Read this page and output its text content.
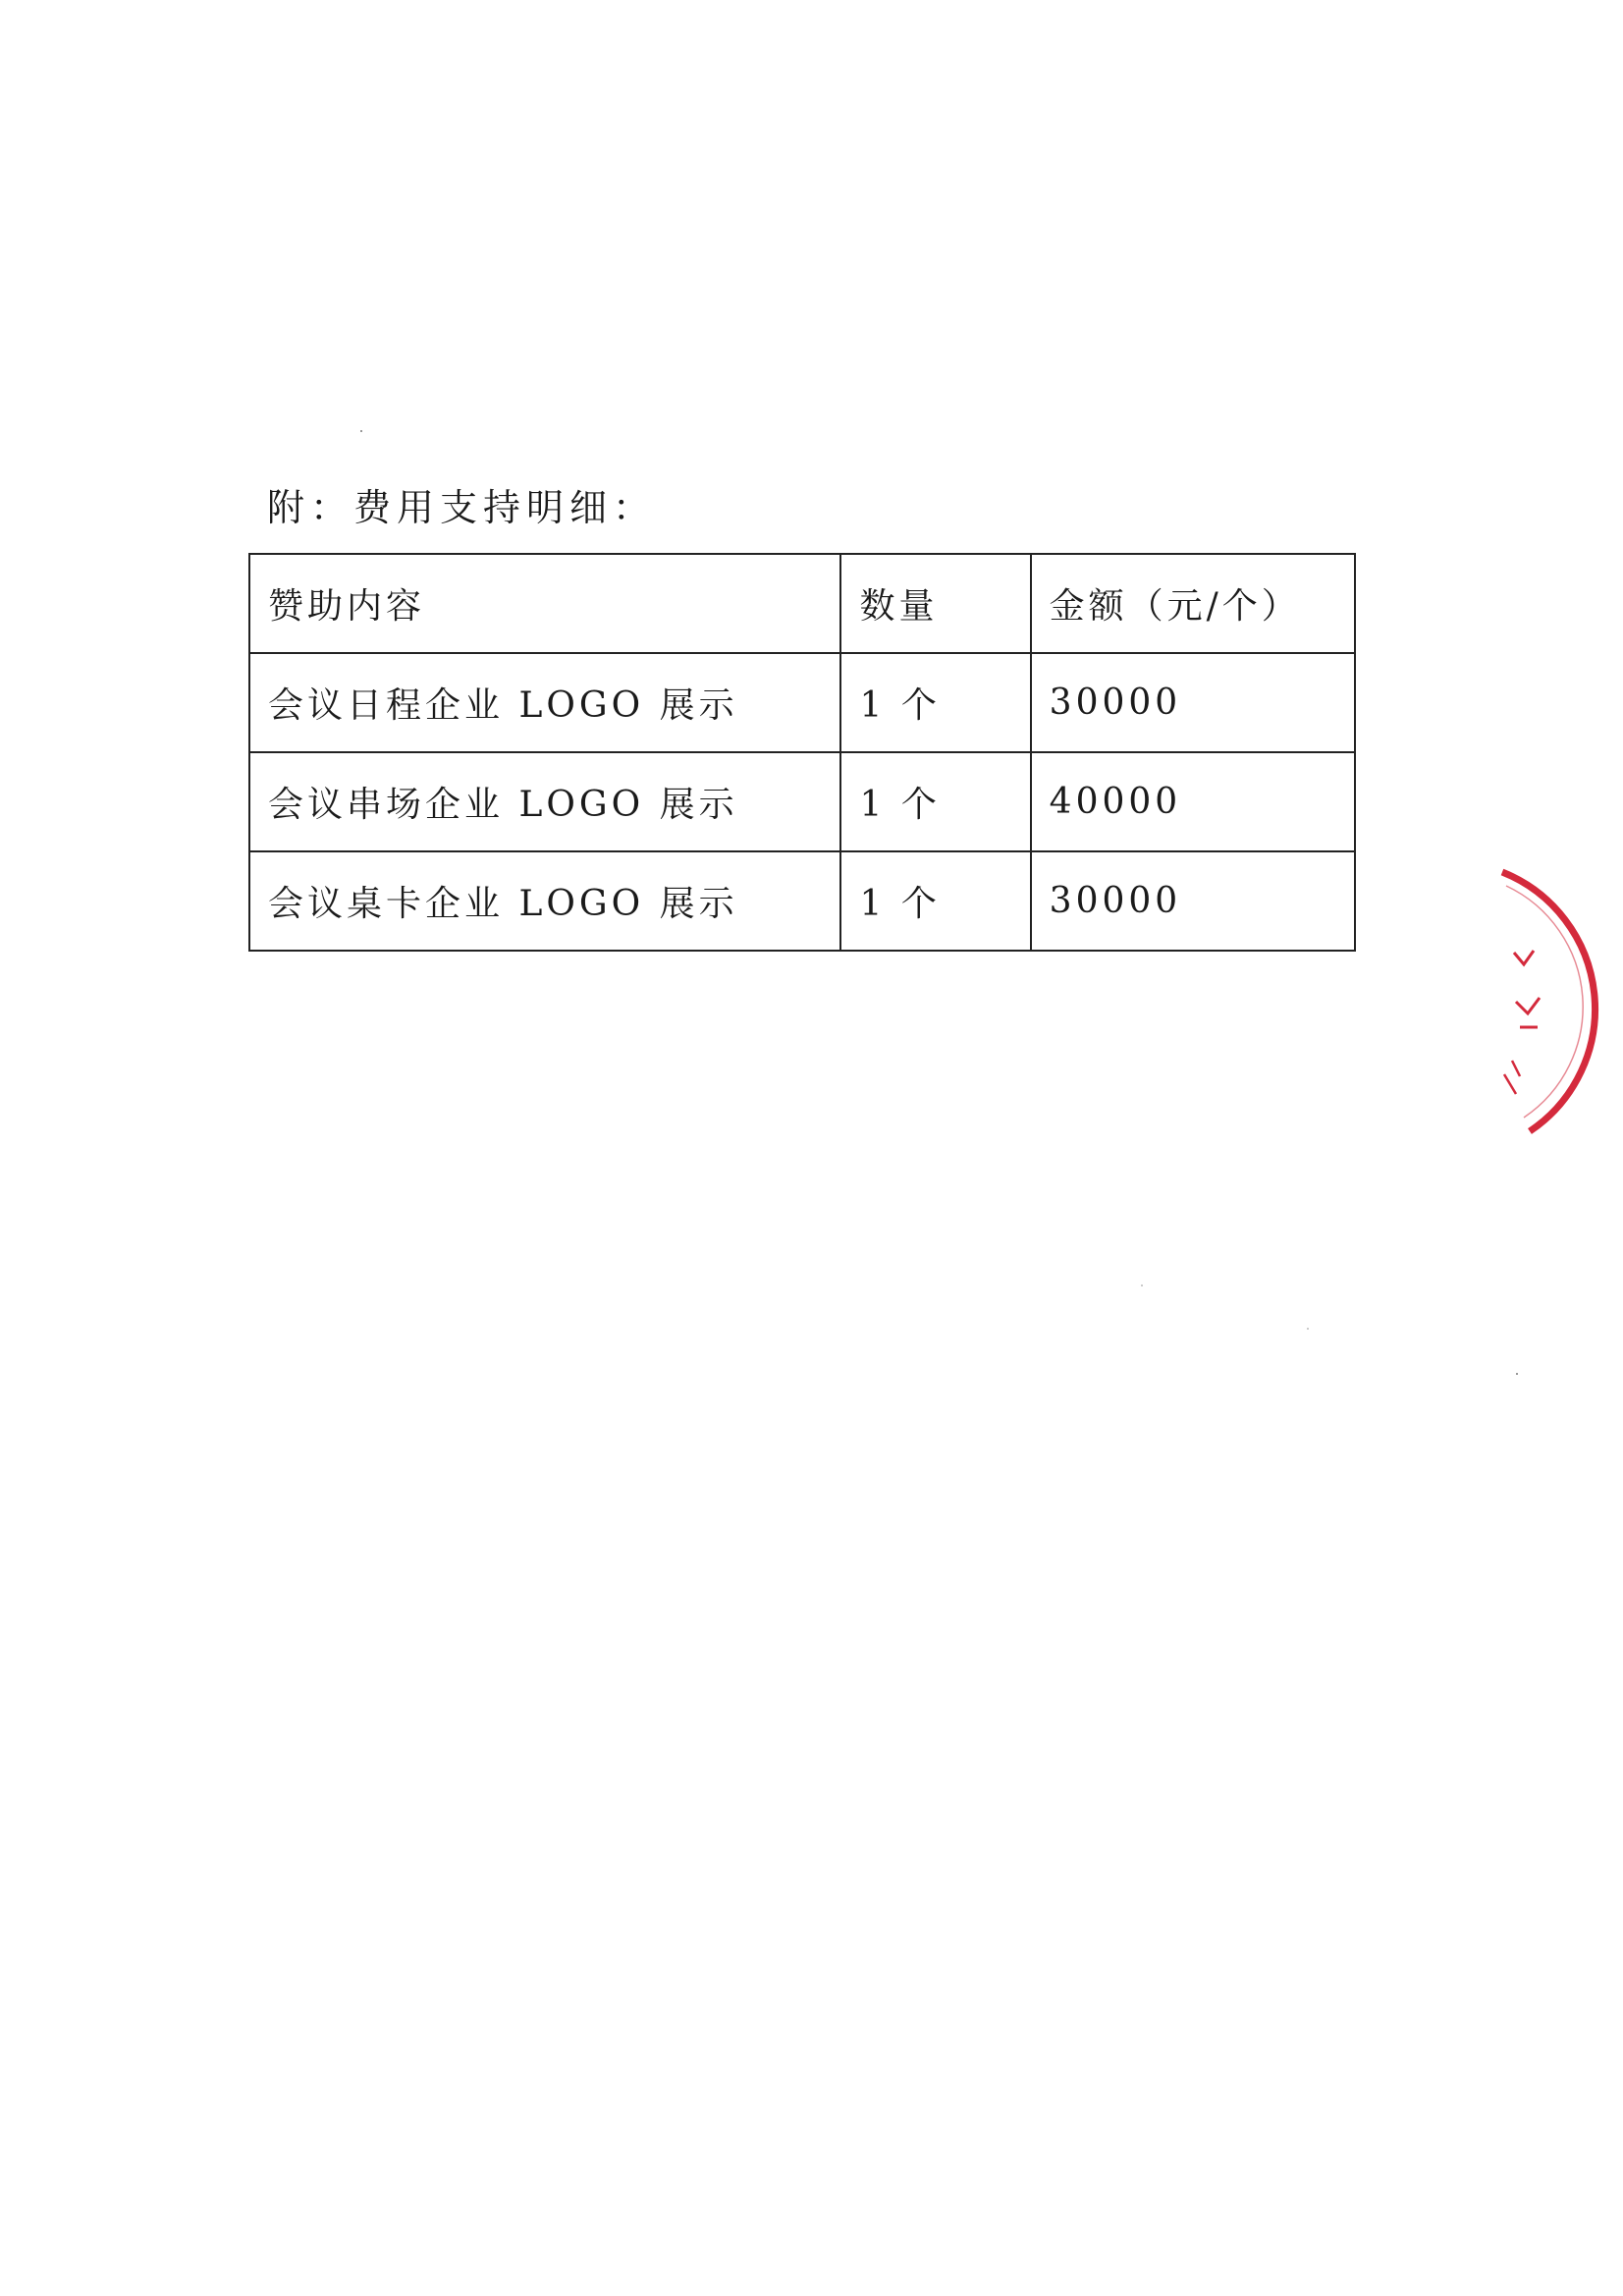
附：费用支持明细：
赞助内容	数量	金额（元/个）
会议日程企业 LOGO 展示	1 个	30000
会议串场企业 LOGO 展示	1 个	40000
会议桌卡企业 LOGO 展示	1 个	30000
